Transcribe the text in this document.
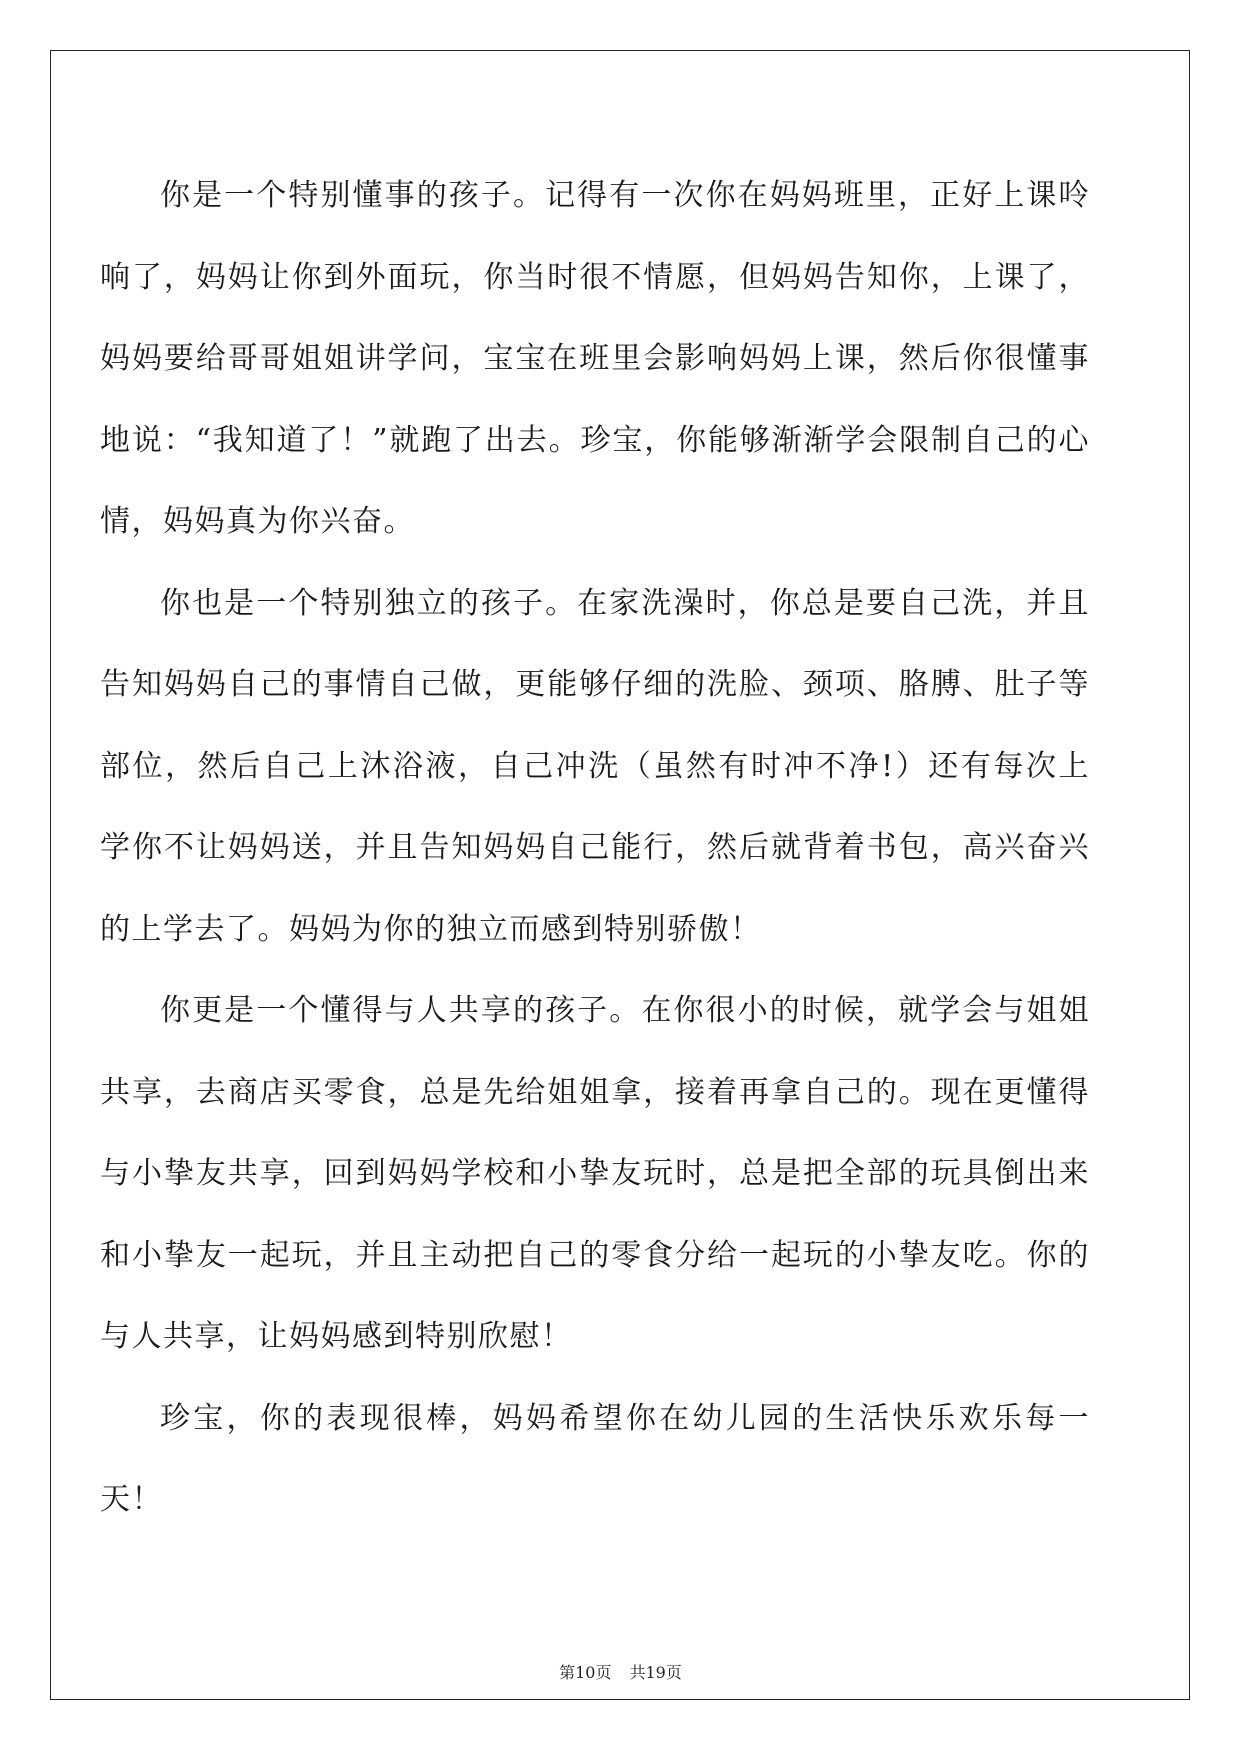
你是一个特别懂事的孩子。记得有一次你在妈妈班里，正好上课呤响了，妈妈让你到外面玩，你当时很不情愿，但妈妈告知你，上课了，妈妈要给哥哥姐姐讲学问，宝宝在班里会影响妈妈上课，然后你很懂事地说：“我知道了！”就跑了出去。珍宝，你能够渐渐学会限制自己的心情，妈妈真为你兴奋。

你也是一个特别独立的孩子。在家洗澡时，你总是要自己洗，并且告知妈妈自己的事情自己做，更能够仔细的洗脸、颈项、胳膊、肚子等部位，然后自己上沐浴液，自己冲洗（虽然有时冲不净!）还有每次上学你不让妈妈送，并且告知妈妈自己能行，然后就背着书包，高兴奋兴的上学去了。妈妈为你的独立而感到特别骄傲！

你更是一个懂得与人共享的孩子。在你很小的时候，就学会与姐姐共享，去商店买零食，总是先给姐姐拿，接着再拿自己的。现在更懂得与小挚友共享，回到妈妈学校和小挚友玩时，总是把全部的玩具倒出来和小挚友一起玩，并且主动把自己的零食分给一起玩的小挚友吃。你的与人共享，让妈妈感到特别欣慰！

珍宝，你的表现很棒，妈妈希望你在幼儿园的生活快乐欢乐每一天！

第10页 共19页
